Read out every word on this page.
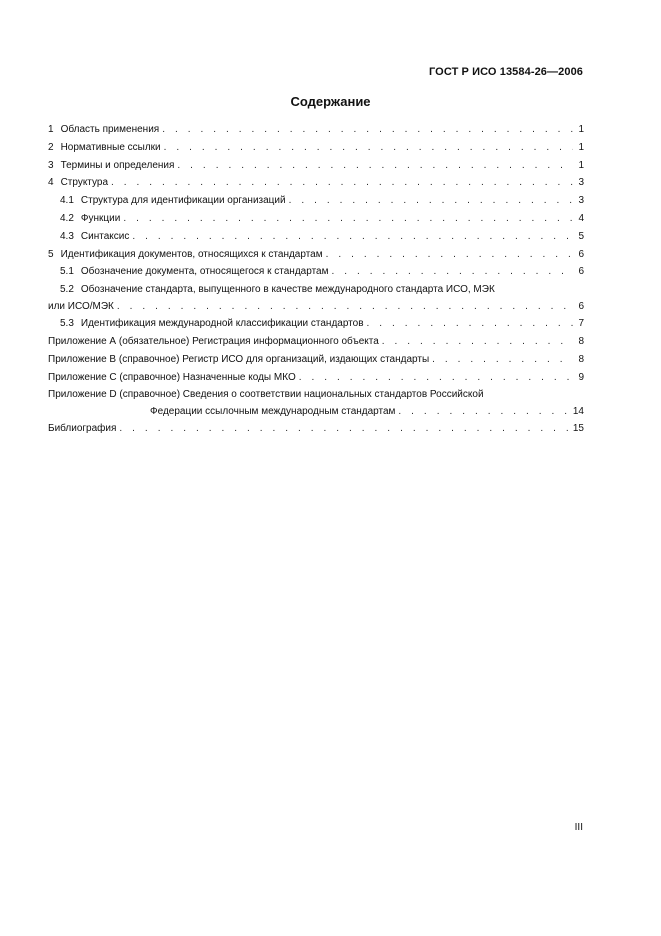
ГОСТ Р ИСО 13584-26—2006
Содержание
1 Область применения . . .	1
2 Нормативные ссылки . . .	1
3 Термины и определения . . .	1
4 Структура . . .	3
4.1 Структура для идентификации организаций . . .	3
4.2 Функции . . .	4
4.3 Синтаксис . . .	5
5 Идентификация документов, относящихся к стандартам . . .	6
5.1 Обозначение документа, относящегося к стандартам . . .	6
5.2 Обозначение стандарта, выпущенного в качестве международного стандарта ИСО, МЭК
или ИСО/МЭК . . .	6
5.3 Идентификация международной классификации стандартов . . .	7
Приложение А (обязательное) Регистрация информационного объекта . . .	8
Приложение В (справочное) Регистр ИСО для организаций, издающих стандарты . . .	8
Приложение С (справочное) Назначенные коды МКО . . .	9
Приложение D (справочное) Сведения о соответствии национальных стандартов Российской
Федерации ссылочным международным стандартам . . .	14
Библиография . . .	15
III
